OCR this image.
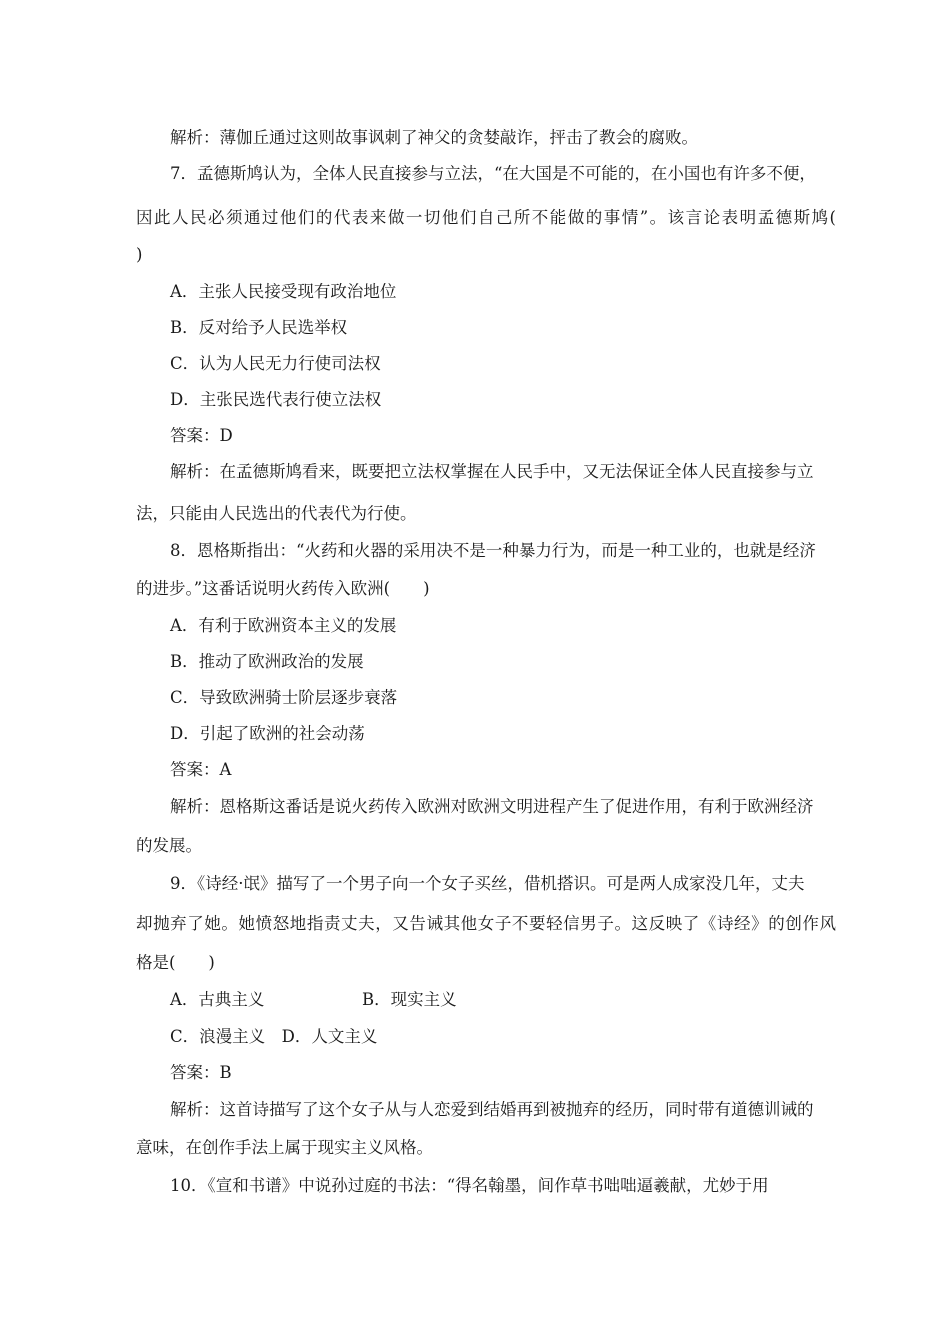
解析：薄伽丘通过这则故事讽刺了神父的贪婪敲诈，抨击了教会的腐败。
7．孟德斯鸠认为，全体人民直接参与立法，“在大国是不可能的，在小国也有许多不便，
因此人民必须通过他们的代表来做一切他们自己所不能做的事情”。该言论表明孟德斯鸠(
)
A．主张人民接受现有政治地位
B．反对给予人民选举权
C．认为人民无力行使司法权
D．主张民选代表行使立法权
答案：D
解析：在孟德斯鸠看来，既要把立法权掌握在人民手中，又无法保证全体人民直接参与立
法，只能由人民选出的代表代为行使。
8．恩格斯指出：“火药和火器的采用决不是一种暴力行为，而是一种工业的，也就是经济
的进步。”这番话说明火药传入欧洲(　　)
A．有利于欧洲资本主义的发展
B．推动了欧洲政治的发展
C．导致欧洲骑士阶层逐步衰落
D．引起了欧洲的社会动荡
答案：A
解析：恩格斯这番话是说火药传入欧洲对欧洲文明进程产生了促进作用，有利于欧洲经济
的发展。
9．《诗经·氓》描写了一个男子向一个女子买丝，借机搭识。可是两人成家没几年，丈夫
却抛弃了她。她愤怒地指责丈夫，又告诫其他女子不要轻信男子。这反映了《诗经》的创作风
格是(　　)
A．古典主义	B．现实主义
C．浪漫主义　D．人文主义
答案：B
解析：这首诗描写了这个女子从与人恋爱到结婚再到被抛弃的经历，同时带有道德训诫的
意味，在创作手法上属于现实主义风格。
10．《宣和书谱》中说孙过庭的书法：“得名翰墨，间作草书咄咄逼羲献，尤妙于用
